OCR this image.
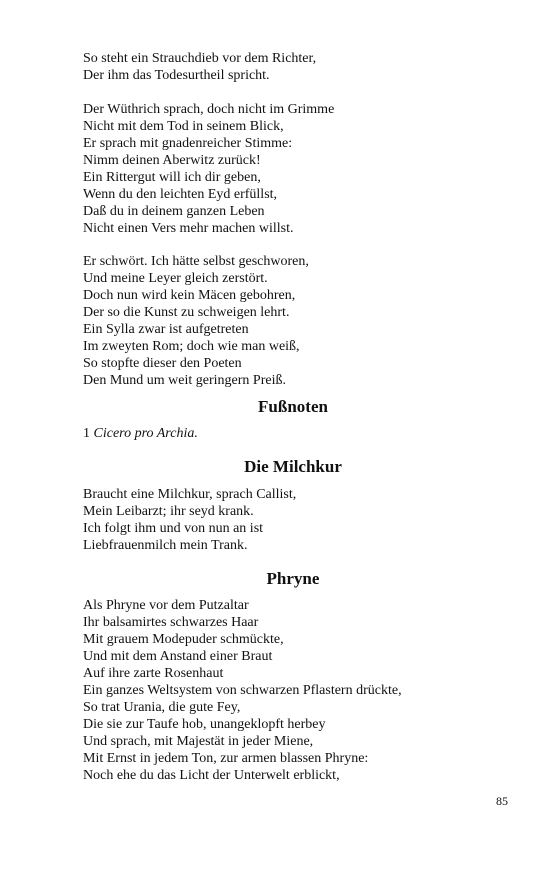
So steht ein Strauchdieb vor dem Richter,
Der ihm das Todesurtheil spricht.
Der Wüthrich sprach, doch nicht im Grimme
Nicht mit dem Tod in seinem Blick,
Er sprach mit gnadenreicher Stimme:
Nimm deinen Aberwitz zurück!
Ein Rittergut will ich dir geben,
Wenn du den leichten Eyd erfüllst,
Daß du in deinem ganzen Leben
Nicht einen Vers mehr machen willst.
Er schwört. Ich hätte selbst geschworen,
Und meine Leyer gleich zerstört.
Doch nun wird kein Mäcen gebohren,
Der so die Kunst zu schweigen lehrt.
Ein Sylla zwar ist aufgetreten
Im zweyten Rom; doch wie man weiß,
So stopfte dieser den Poeten
Den Mund um weit geringern Preiß.
Fußnoten
1 Cicero pro Archia.
Die Milchkur
Braucht eine Milchkur, sprach Callist,
Mein Leibarzt; ihr seyd krank.
Ich folgt ihm und von nun an ist
Liebfrauenmilch mein Trank.
Phryne
Als Phryne vor dem Putzaltar
Ihr balsamirtes schwarzes Haar
Mit grauem Modepuder schmückte,
Und mit dem Anstand einer Braut
Auf ihre zarte Rosenhaut
Ein ganzes Weltsystem von schwarzen Pflastern drückte,
So trat Urania, die gute Fey,
Die sie zur Taufe hob, unangeklopft herbey
Und sprach, mit Majestät in jeder Miene,
Mit Ernst in jedem Ton, zur armen blassen Phryne:
Noch ehe du das Licht der Unterwelt erblickt,
85
